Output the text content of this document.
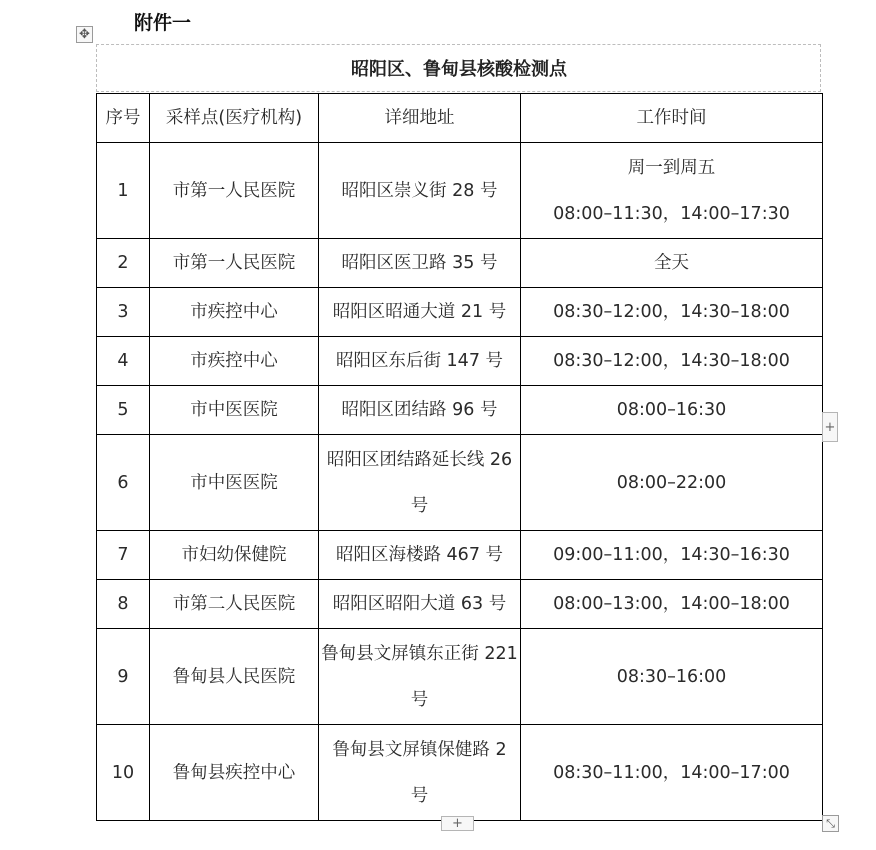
✥
附件一
昭阳区、鲁甸县核酸检测点
序号	采样点(医疗机构)	详细地址	工作时间
1	市第一人民医院	昭阳区崇义街 28 号	周一到周五
08:00–11:30，14:00–17:30

2	市第一人民医院	昭阳区医卫路 35 号	全天
3	市疾控中心	昭阳区昭通大道 21 号	08:30–12:00，14:30–18:00
4	市疾控中心	昭阳区东后街 147 号	08:30–12:00，14:30–18:00
5	市中医医院	昭阳区团结路 96 号	08:00–16:30
6	市中医医院	昭阳区团结路延长线 26 号	08:00–22:00
7	市妇幼保健院	昭阳区海楼路 467 号	09:00–11:00，14:30–16:30
8	市第二人民医院	昭阳区昭阳大道 63 号	08:00–13:00，14:00–18:00
9	鲁甸县人民医院	鲁甸县文屏镇东正街 221 号	08:30–16:00
10	鲁甸县疾控中心	鲁甸县文屏镇保健路 2 号	08:30–11:00，14:00–17:00
+
+	⤡
